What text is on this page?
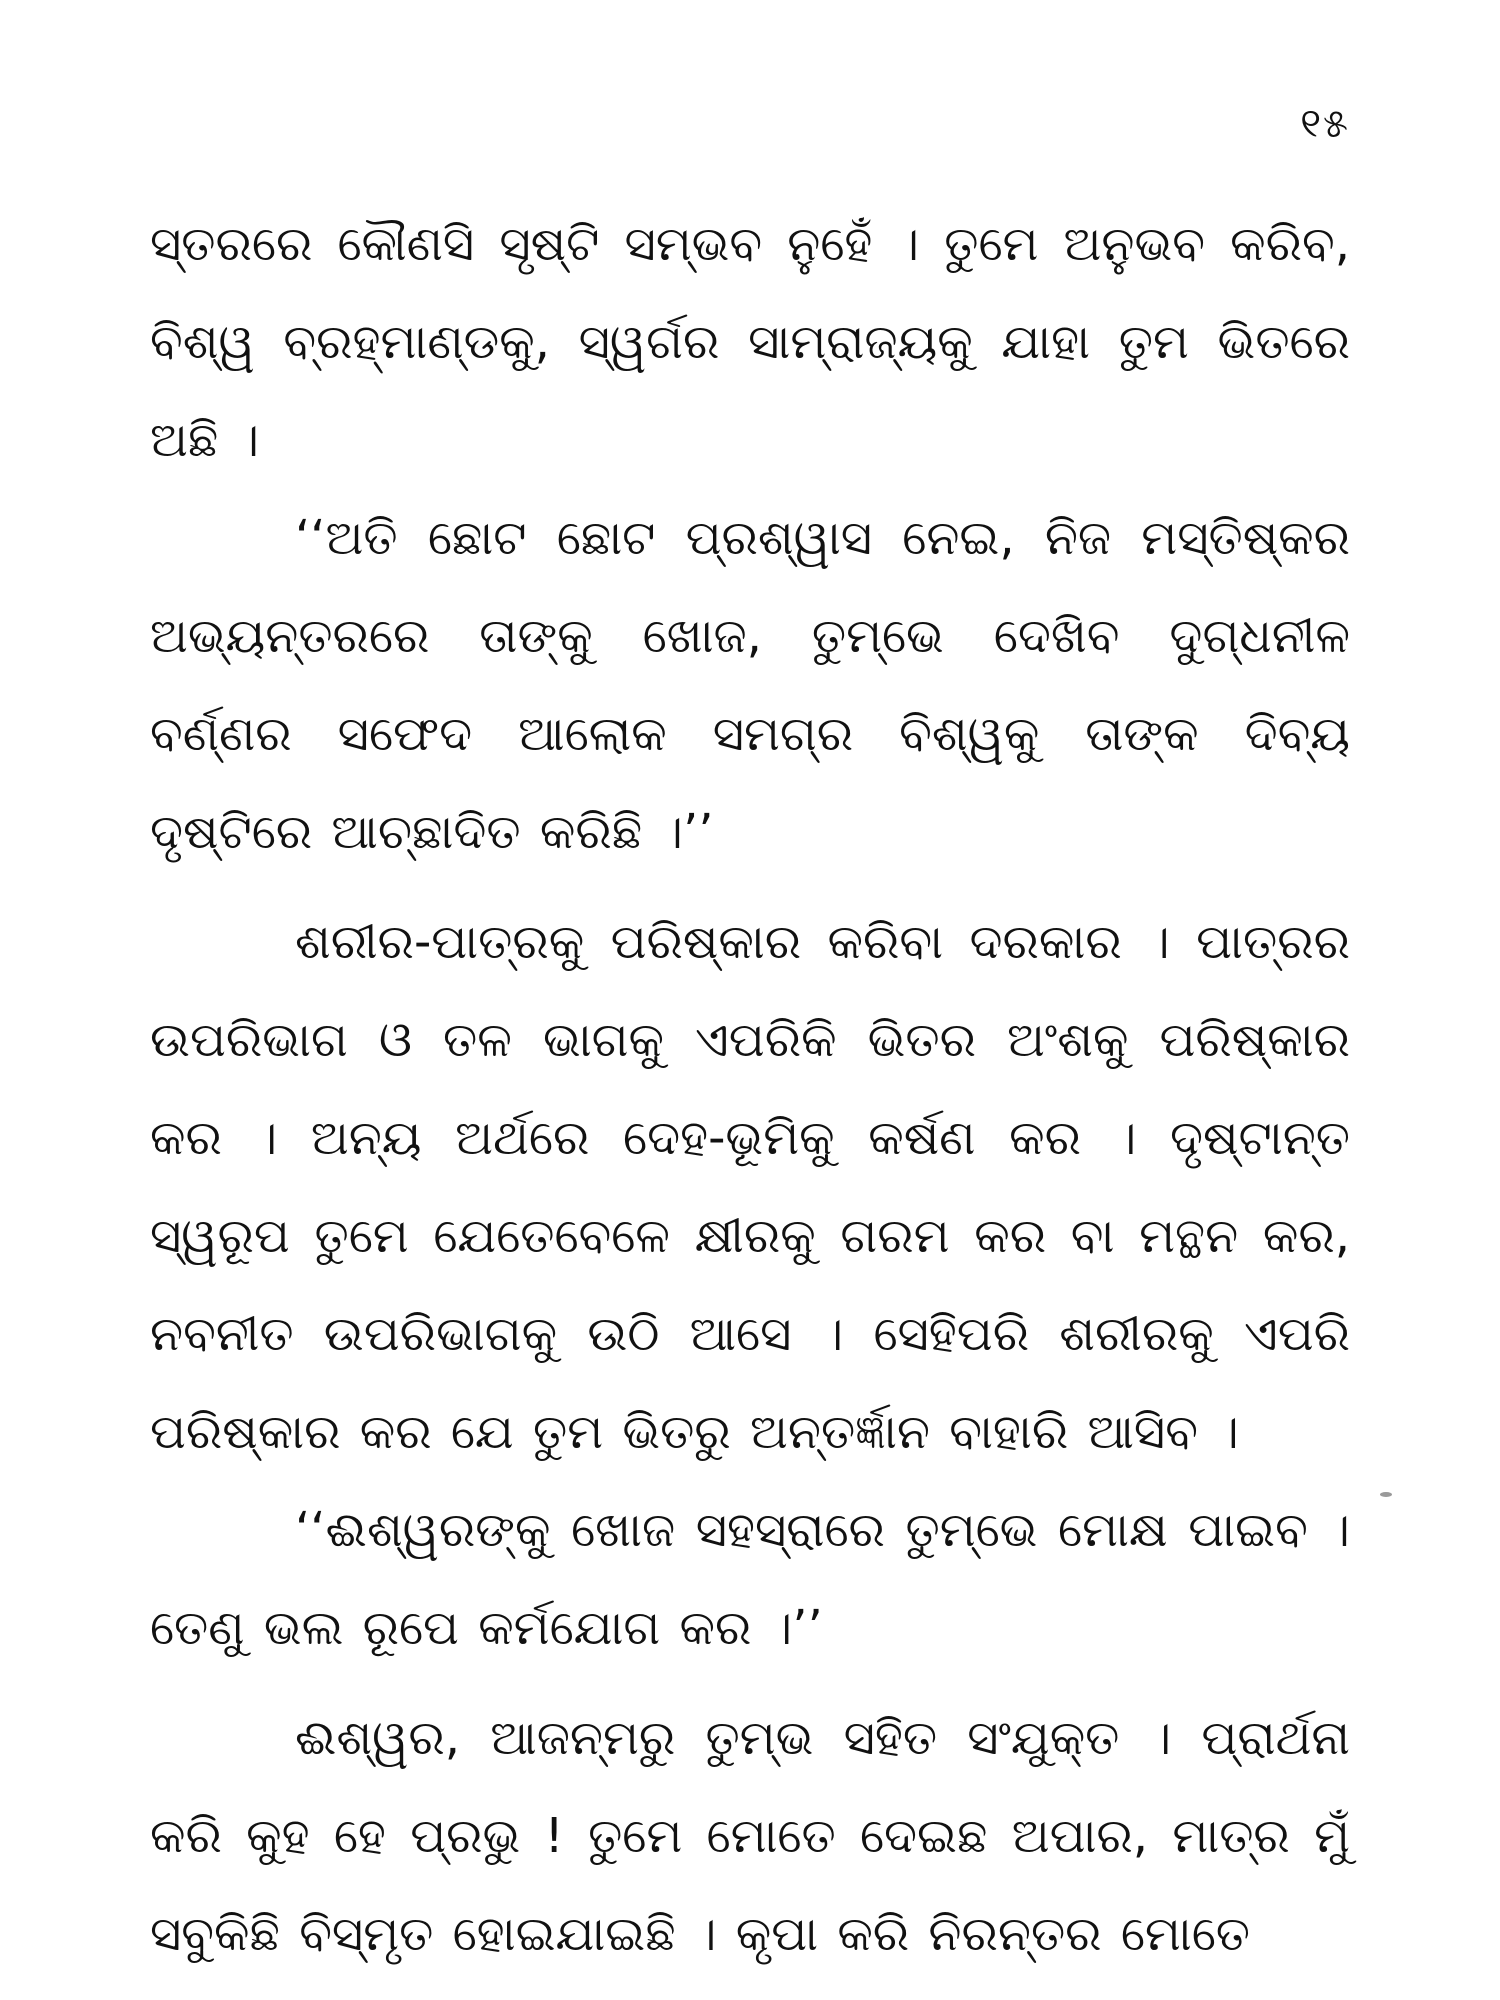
୧୫

ସ୍ତରରେ କୌଣସି ସୃଷ୍ଟି ସମ୍ଭବ ନୁହେଁ । ତୁମେ ଅନୁଭବ କରିବ, ବିଶ୍ୱ ବ୍ରହ୍ମାଣ୍ଡକୁ, ସ୍ୱର୍ଗର ସାମ୍ରାଜ୍ୟକୁ ଯାହା ତୁମ ଭିତରେ ଅଛି ।

‘‘ଅତି ଛୋଟ ଛୋଟ ପ୍ରଶ୍ୱାସ ନେଇ, ନିଜ ମସ୍ତିଷ୍କର ଅଭ୍ୟନ୍ତରରେ ତାଙ୍କୁ ଖୋଜ, ତୁମ୍ଭେ ଦେଖିବ ଦୁଗ୍ଧନୀଳ ବର୍ଣ୍ଣର ସଫେଦ ଆଲୋକ ସମଗ୍ର ବିଶ୍ୱକୁ ତାଙ୍କ ଦିବ୍ୟ ଦୃଷ୍ଟିରେ ଆଚ୍ଛାଦିତ କରିଛି ।’’

ଶରୀର-ପାତ୍ରକୁ ପରିଷ୍କାର କରିବା ଦରକାର । ପାତ୍ରର ଉପରିଭାଗ ଓ ତଳ ଭାଗକୁ ଏପରିକି ଭିତର ଅଂଶକୁ ପରିଷ୍କାର କର । ଅନ୍ୟ ଅର୍ଥରେ ଦେହ-ଭୂମିକୁ କର୍ଷଣ କର । ଦୃଷ୍ଟାନ୍ତ ସ୍ୱରୂପ ତୁମେ ଯେତେବେଳେ କ୍ଷୀରକୁ ଗରମ କର ବା ମନ୍ଥନ କର, ନବନୀତ ଉପରିଭାଗକୁ ଉଠି ଆସେ । ସେହିପରି ଶରୀରକୁ ଏପରି ପରିଷ୍କାର କର ଯେ ତୁମ ଭିତରୁ ଅନ୍ତର୍ଜ୍ଞାନ ବାହାରି ଆସିବ ।

‘‘ଈଶ୍ୱରଙ୍କୁ ଖୋଜ ସହସ୍ରାରେ ତୁମ୍ଭେ ମୋକ୍ଷ ପାଇବ । ତେଣୁ ଭଲ ରୂପେ କର୍ମଯୋଗ କର ।’’

ଈଶ୍ୱର, ଆଜନ୍ମରୁ ତୁମ୍ଭ ସହିତ ସଂଯୁକ୍ତ । ପ୍ରାର୍ଥନା କରି କୁହ ହେ ପ୍ରଭୁ ! ତୁମେ ମୋତେ ଦେଇଛ ଅପାର, ମାତ୍ର ମୁଁ ସବୁକିଛି ବିସ୍ମୃତ ହୋଇଯାଇଛି । କୃପା କରି ନିରନ୍ତର ମୋତେ
